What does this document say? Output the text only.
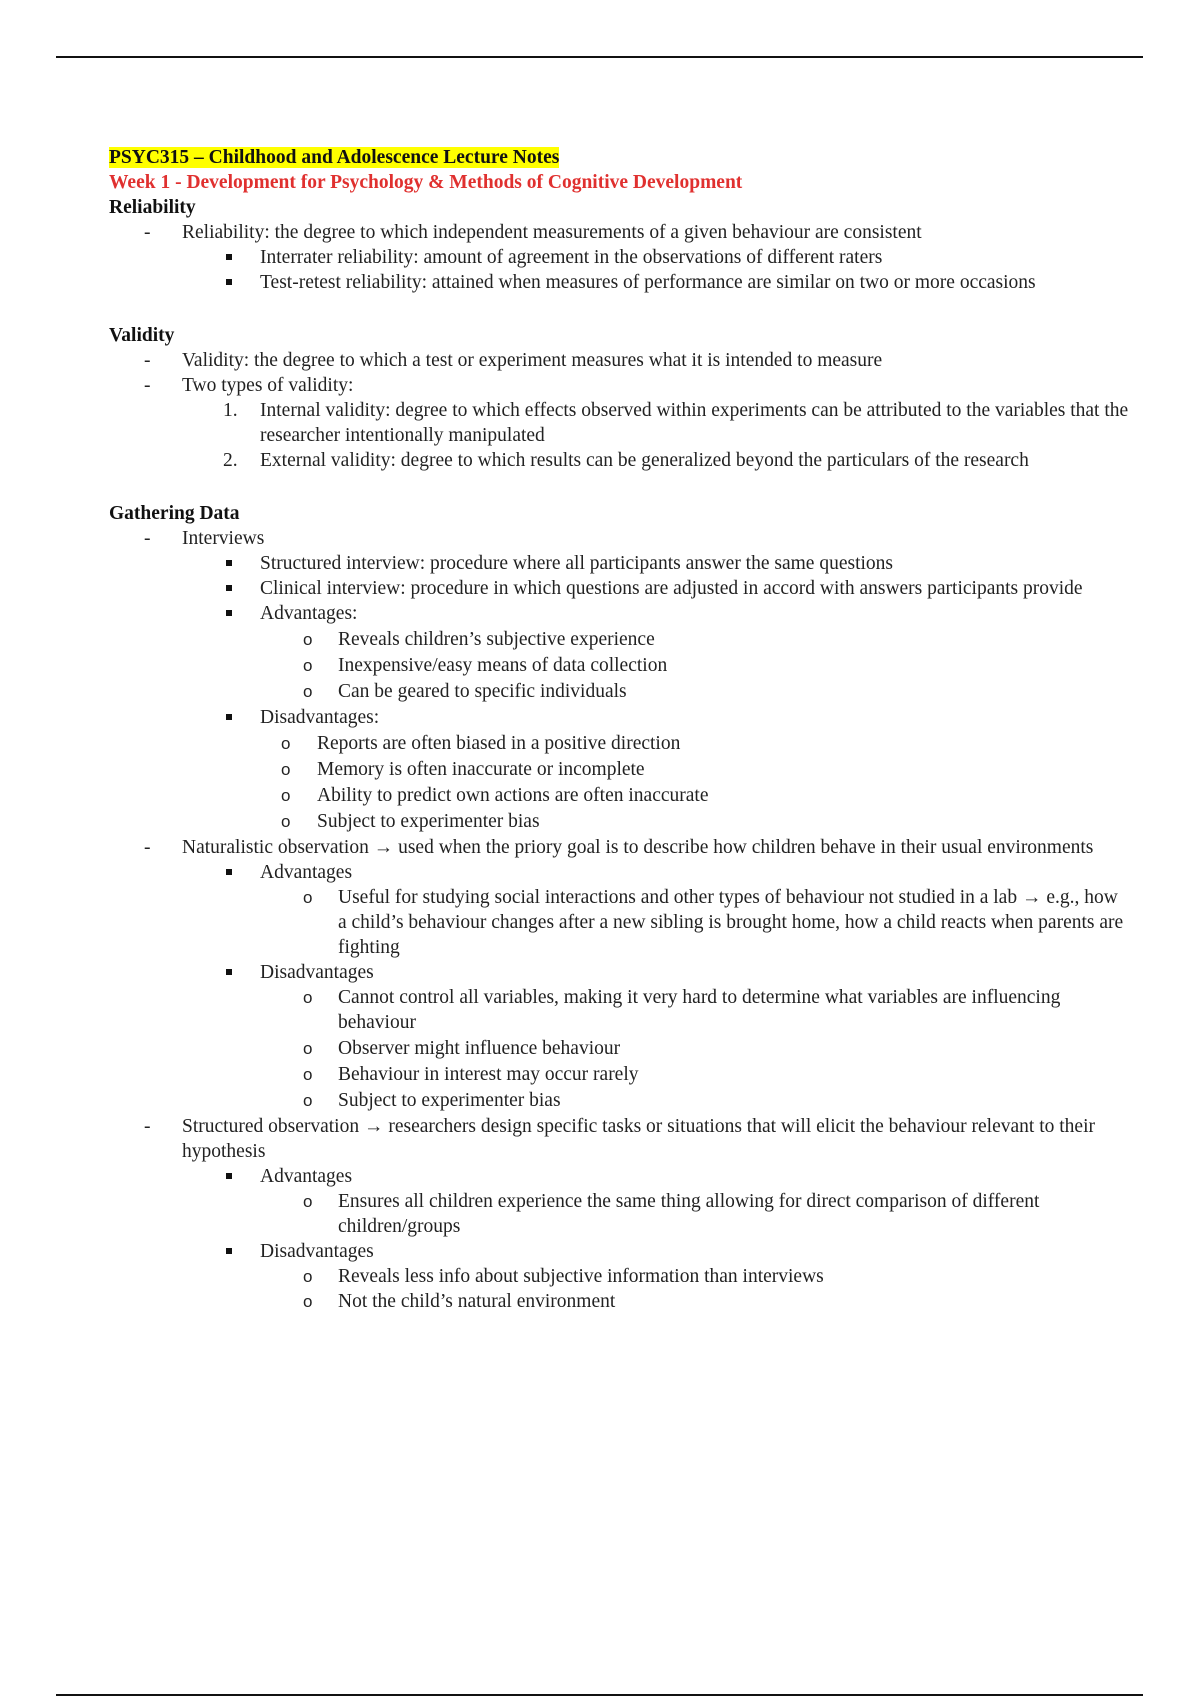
PSYC315 – Childhood and Adolescence Lecture Notes
Week 1 - Development for Psychology & Methods of Cognitive Development
Reliability
- Reliability: the degree to which independent measurements of a given behaviour are consistent
Interrater reliability: amount of agreement in the observations of different raters
Test-retest reliability: attained when measures of performance are similar on two or more occasions
Validity
- Validity: the degree to which a test or experiment measures what it is intended to measure
- Two types of validity:
1. Internal validity: degree to which effects observed within experiments can be attributed to the variables that the researcher intentionally manipulated
2. External validity: degree to which results can be generalized beyond the particulars of the research
Gathering Data
- Interviews
Structured interview: procedure where all participants answer the same questions
Clinical interview: procedure in which questions are adjusted in accord with answers participants provide
Advantages:
o Reveals children’s subjective experience
o Inexpensive/easy means of data collection
o Can be geared to specific individuals
Disadvantages:
o Reports are often biased in a positive direction
o Memory is often inaccurate or incomplete
o Ability to predict own actions are often inaccurate
o Subject to experimenter bias
- Naturalistic observation → used when the priory goal is to describe how children behave in their usual environments
Advantages
o Useful for studying social interactions and other types of behaviour not studied in a lab → e.g., how a child’s behaviour changes after a new sibling is brought home, how a child reacts when parents are fighting
Disadvantages
o Cannot control all variables, making it very hard to determine what variables are influencing behaviour
o Observer might influence behaviour
o Behaviour in interest may occur rarely
o Subject to experimenter bias
- Structured observation → researchers design specific tasks or situations that will elicit the behaviour relevant to their hypothesis
Advantages
o Ensures all children experience the same thing allowing for direct comparison of different children/groups
Disadvantages
o Reveals less info about subjective information than interviews
o Not the child’s natural environment
